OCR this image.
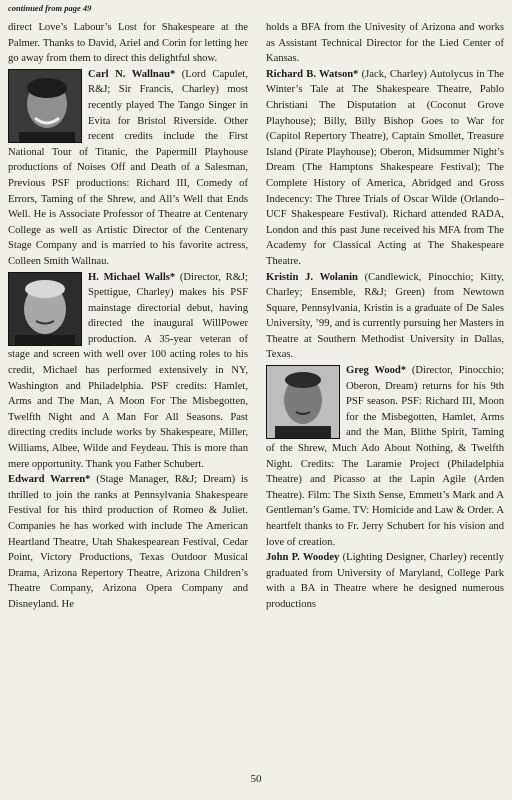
continued from page 49

direct Love’s Labour’s Lost for Shakespeare at the Palmer. Thanks to David, Ariel and Corin for letting her go away from them to direct this delightful show.

Carl N. Wallnau* (Lord Capulet, R&J; Sir Francis, Charley) most recently played The Tango Singer in Evita for Bristol Riverside. Other recent credits include the First National Tour of Titanic, the Papermill Playhouse productions of Noises Off and Death of a Salesman, Previous PSF productions: Richard III, Comedy of Errors, Taming of the Shrew, and All’s Well that Ends Well. He is Associate Professor of Theatre at Centenary College as well as Artistic Director of the Centenary Stage Company and is married to his favorite actress, Colleen Smith Wallnau.

H. Michael Walls* (Director, R&J; Spettigue, Charley) makes his PSF mainstage directorial debut, having directed the inaugural WillPower production. A 35-year veteran of stage and screen with well over 100 acting roles to his credit, Michael has performed extensively in NY, Washington and Philadelphia. PSF credits: Hamlet, Arms and The Man, A Moon For The Misbegotten, Twelfth Night and A Man For All Seasons. Past directing credits include works by Shakespeare, Miller, Williams, Albee, Wilde and Feydeau. This is more than mere opportunity. Thank you Father Schubert.

Edward Warren* (Stage Manager, R&J; Dream) is thrilled to join the ranks at Pennsylvania Shakespeare Festival for his third production of Romeo & Juliet. Companies he has worked with include The American Heartland Theatre, Utah Shakespearean Festival, Cedar Point, Victory Productions, Texas Outdoor Musical Drama, Arizona Repertory Theatre, Arizona Children’s Theatre Company, Arizona Opera Company and Disneyland. He

holds a BFA from the Univesity of Arizona and works as Assistant Technical Director for the Lied Center of Kansas.

Richard B. Watson* (Jack, Charley) Autolycus in The Winter’s Tale at The Shakespeare Theatre, Pablo Christiani The Disputation at (Coconut Grove Playhouse); Billy, Billy Bishop Goes to War for (Capitol Repertory Theatre), Captain Smollet, Treasure Island (Pirate Playhouse); Oberon, Midsummer Night’s Dream (The Hamptons Shakespeare Festival); The Complete History of America, Abridged and Gross Indecency: The Three Trials of Oscar Wilde (Orlando–UCF Shakespeare Festival). Richard attended RADA, London and this past June received his MFA from The Academy for Classical Acting at The Shakespeare Theatre.

Kristin J. Wolanin (Candlewick, Pinocchio; Kitty, Charley; Ensemble, R&J; Green) from Newtown Square, Pennsylvania, Kristin is a graduate of De Sales University, ’99, and is currently pursuing her Masters in Theatre at Southern Methodist University in Dallas, Texas.

Greg Wood* (Director, Pinocchio; Oberon, Dream) returns for his 9th PSF season. PSF: Richard III, Moon for the Misbegotten, Hamlet, Arms and the Man, Blithe Spirit, Taming of the Shrew, Much Ado About Nothing, & Twelfth Night. Credits: The Laramie Project (Philadelphia Theatre) and Picasso at the Lapin Agile (Arden Theatre). Film: The Sixth Sense, Emmett’s Mark and A Gentleman’s Game. TV: Homicide and Law & Order. A heartfelt thanks to Fr. Jerry Schubert for his vision and love of creation.

John P. Woodey (Lighting Designer, Charley) recently graduated from University of Maryland, College Park with a BA in Theatre where he designed numerous productions

50
